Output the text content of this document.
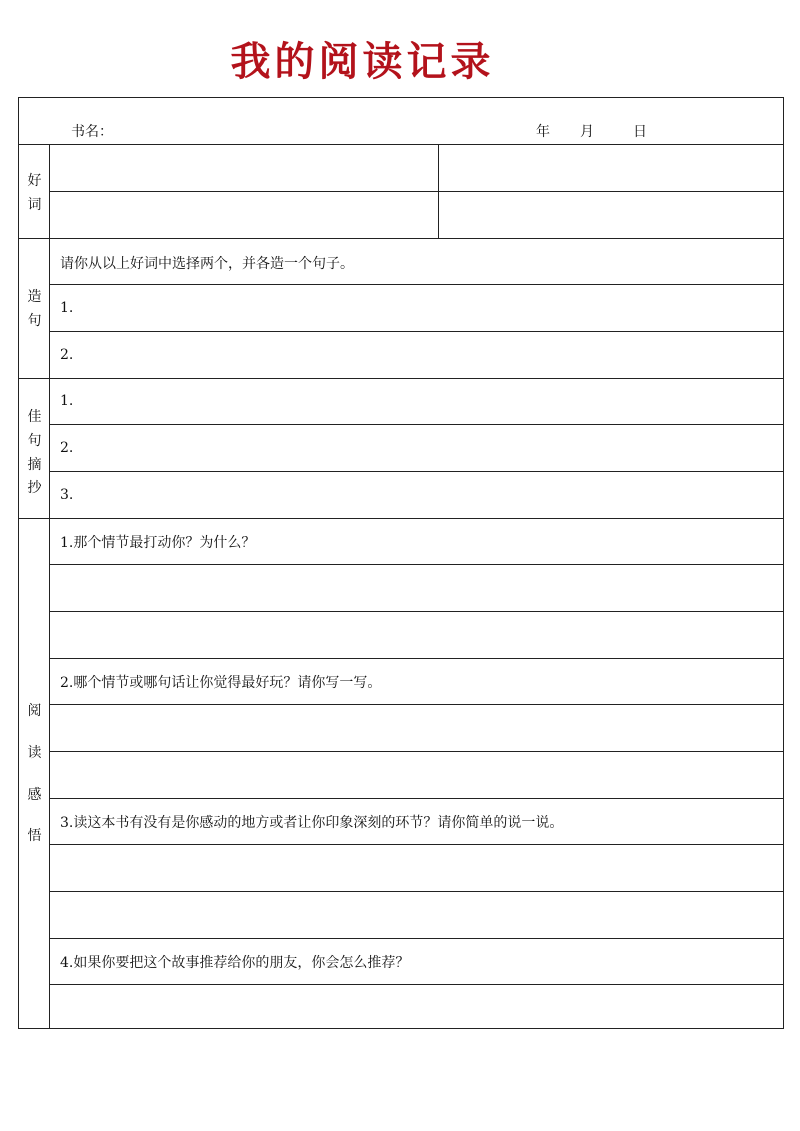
我的阅读记录
书名：	年 月	日
好
词
造
句
请你从以上好词中选择两个，并各造一个句子。
1.
2.
佳
句
摘
抄
1.
2.
3.
阅
读
感
悟
1.那个情节最打动你？为什么？
2.哪个情节或哪句话让你觉得最好玩？请你写一写。
3.读这本书有没有是你感动的地方或者让你印象深刻的环节？请你简单的说一说。
4.如果你要把这个故事推荐给你的朋友，你会怎么推荐？
